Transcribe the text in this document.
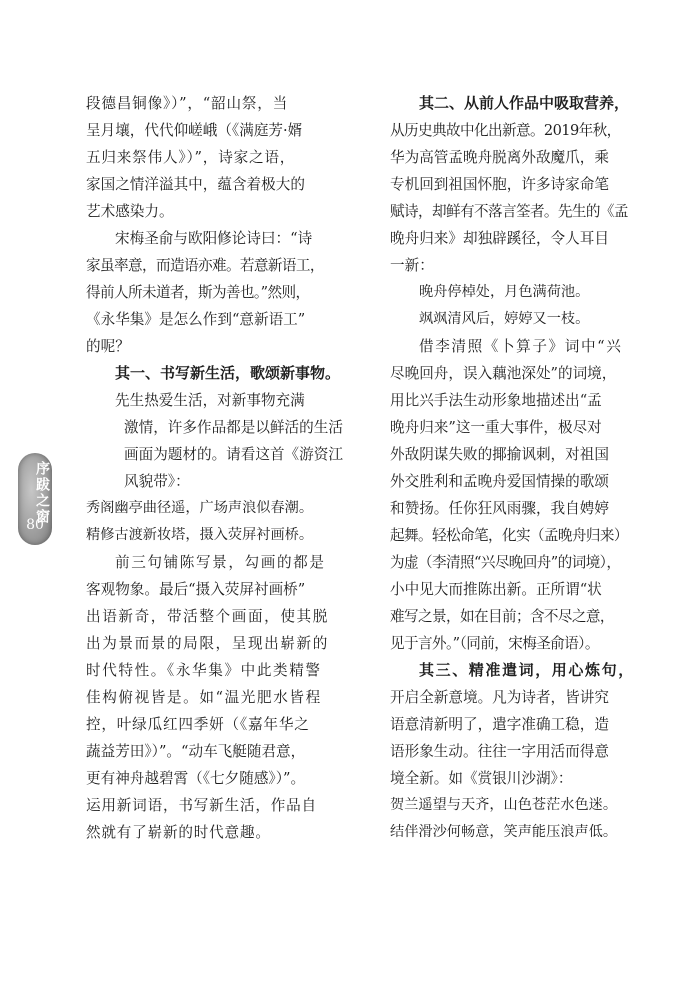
段德昌铜像》）”，“韶山祭，当
呈月壤，代代仰嵯峨（《满庭芳·婿
五归来祭伟人》）”，诗家之语，
家国之情洋溢其中，蕴含着极大的
艺术感染力。
宋梅圣俞与欧阳修论诗曰：“诗
家虽率意，而造语亦难。若意新语工，
得前人所未道者，斯为善也。”然则，
《永华集》是怎么作到“意新语工”
的呢？
其一、书写新生活，歌颂新事物。
先生热爱生活，对新事物充满
激情，许多作品都是以鲜活的生活
画面为题材的。请看这首《游资江
风貌带》：
秀阁幽亭曲径遥，广场声浪似春潮。
精修古渡新妆塔，摄入荧屏衬画桥。
前三句铺陈写景，勾画的都是
客观物象。最后“摄入荧屏衬画桥”
出语新奇，带活整个画面，使其脱
出为景而景的局限，呈现出崭新的
时代特性。《永华集》中此类精警
佳构俯视皆是。如“温光肥水皆程
控，叶绿瓜红四季妍（《嘉年华之
蔬益芳田》）”。“动车飞艇随君意，
更有神舟越碧霄（《七夕随感》）”。
运用新词语，书写新生活，作品自
然就有了崭新的时代意趣。
其二、从前人作品中吸取营养，
从历史典故中化出新意。2019年秋，
华为高管孟晚舟脱离外敌魔爪，乘
专机回到祖国怀胞，许多诗家命笔
赋诗，却鲜有不落言筌者。先生的《孟
晚舟归来》却独辟蹊径，令人耳目
一新：
晚舟停棹处，月色满荷池。
飒飒清风后，婷婷又一枝。
借李清照《卜算子》词中“兴
尽晚回舟，误入藕池深处”的词境，
用比兴手法生动形象地描述出“孟
晚舟归来”这一重大事件，极尽对
外敌阴谋失败的揶揄讽刺，对祖国
外交胜利和孟晚舟爱国情操的歌颂
和赞扬。任你狂风雨骤，我自娉婷
起舞。轻松命笔，化实（孟晚舟归来）
为虚（李清照“兴尽晚回舟”的词境），
小中见大而推陈出新。正所谓“状
难写之景，如在目前；含不尽之意，
见于言外。”（同前，宋梅圣俞语）。
其三、精准遣词，用心炼句，
开启全新意境。凡为诗者，皆讲究
语意清新明了，遣字准确工稳，造
语形象生动。往往一字用活而得意
境全新。如《赏银川沙湖》：
贺兰遥望与天齐，山色苍茫水色迷。
结伴滑沙何畅意，笑声能压浪声低。
序跋之窗
80
